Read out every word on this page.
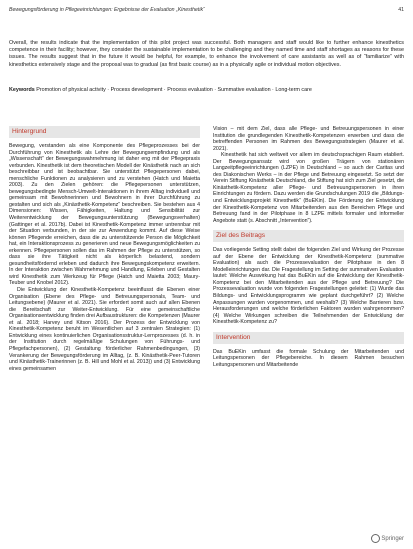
Bewegungsförderung in Pflegeeinrichtungen: Ergebnisse der Evaluation „Kinesthetik“	41
Overall, the results indicate that the implementation of this pilot project was successful. Both managers and staff would like to further enhance kinesthetics competence in their facility; however, they consider the sustainable implementation to be challenging and they named time and staff shortages as reasons for these issues. The results suggest that in the future it would be helpful, for example, to enhance the involvement of care assistants as well as of “familiarize” with kinesthetics extensively stage and the proposal was to gradual (as first basic course) as in a physically agile or individual motion objectives.
Keywords Promotion of physical activity · Process development · Process evaluation · Summative evaluation · Long-term care
Hintergrund

Bewegung, verstanden als eine Komponente des Pflegeprozesses bei der Durchführung von Kinesthetik als Lehre der Bewegungsempfindung und als „Wissenschaft“ der Bewegungswahrnehmung ist daher eng mit der Pflegepraxis verbunden. Kinesthetik ist dem theoretischen Modell der Kinästhetik nach an sich beschreibbar und ist beobachtbar. Sie unterstützt Pflegepersonen dabei, menschliche Funktionen zu analysieren und zu verstehen (Hatch und Maietta 2003). Zu den Zielen gehören: die Pflegepersonen unterstützen, bewegungsbedingte Mensch-Umwelt-Interaktionen in ihrem Alltag individuell und gemeinsam mit Bewohnerinnen und Bewohnern in ihrer Durchführung zu gestalten und sich als „Kinästhetik-Kompetenz“ beschreiben. Sie bestehen aus 4 Dimensionen: Wissen, Fähigkeiten, Haltung und Sensibilität zur Weiterentwicklung der Bewegungsunterstützung (Bewegungsverhalten) (Gattinger et al. 2017b). Dabei ist Kinesthetik-Kompetenz immer untrennbar mit der Situation verbunden, in der sie zur Anwendung kommt. Auf diese Weise können Pflegende erreichen, dass die zu unterstützende Person die Möglichkeit hat, ein Interaktionsprozess zu generieren und neue Bewegungsmöglichkeiten zu erkennen. Pflegepersonen sollen das im Rahmen der Pflege zu unterstützen, so dass sie ihre Tätigkeit nicht als körperlich belastend, sondern gesundheitsfördernd erleben und dadurch ihre Bewegungskompetenz erweitern. In der Interaktion zwischen Wahrnehmung und Handlung, Erleben und Gestalten wird Kinesthetik zum Werkzeug für Pflege (Hatch und Maietta 2003; Maury-Teuber und Knobel 2012).

Die Entwicklung der Kinesthetik-Kompetenz beeinflusst die Ebenen einer Organisation (Ebene des Pflege- und Betreuungspersonals, Team- und Leitungsebene) (Maurer et al. 2021). Sie erfordert somit auch auf allen Ebenen die Bereitschaft zur Weiter-Entwicklung. Für eine gemeinschaftliche Organisationsentwicklung finden drei Aufbaustrukturen: die Kompetenzen (Maurer et al. 2018; Harvey und Kitson 2016). Der Prozess der Entwicklung von Kinesthetik-Kompetenz beruht im Wesentlichen auf 3 zentralen Strategien: (1) Entwicklung eines kontinuierlichen Organisationsstruktur-Lernprozesses (d. h. in der Institution durch regelmäßige Schulungen von Führungs- und Pflegefachpersonen), (2) Gestaltung förderlicher Rahmenbedingungen, (3) Verankerung der Bewegungsförderung im Alltag, (z. B. Kinästhetik-Peer-Tutoren und Kinästhetik-Trainerinnen (z. B. Hill und Mohl et al. 2013)) und (3) Entwicklung eines gemeinsamen

Vision – mit dem Ziel, dass alle Pflege- und Betreuungspersonen in einer Institution die grundlegenden Kinesthetik-Kompetenzen erwerben und dass die betreffenden Personen im Rahmen des Bewegungsstrategien (Maurer et al. 2021).

Kinesthetik hat sich weltweit vor allem im deutschsprachigen Raum etabliert. Der Bewegungsansatz wird von großen Trägern von stationären Langzeitpflegeeinrichtungen (LZPE) in Deutschland – so auch der Caritas und des Diakonischen Werks – in der Pflege und Betreuung eingesetzt. So setzt der Verein Stiftung Kinästhetik Deutschland, die Stiftung hat sich zum Ziel gesetzt, die Kinästhetik-Kompetenz aller Pflege- und Betreuungspersonen in ihren Einrichtungen zu fördern. Dazu werden die Grundschulungen 2019 die „Bildungs- und Entwicklungsprojekt Kinesthetik“ (BuEKin). Die Förderung der Entwicklung der Kinesthetik-Kompetenz von Mitarbeitenden aus den Bereichen Pflege und Betreuung fand in der Pilotphase in 8 LZPE mittels formaler und informeller Angebote statt (s. Abschnitt „Intervention“).

Ziel des Beitrags

Das vorliegende Setting stellt dabei die folgenden Ziel und Wirkung der Prozesse auf der Ebene der Entwicklung der Kinesthetik-Kompetenz (summative Evaluation) als auch die Prozessevaluation der Pilotphase in den 8 Modelleinrichtungen dar. Die Fragestellung im Setting der summativen Evaluation lautet: Welche Auswirkung hat das BuEKin auf die Entwicklung der Kinesthetik-Kompetenz bei den Mitarbeitenden aus der Pflege und Betreuung? Die Prozessevaluation wurde von folgenden Fragestellungen geleitet: (1) Wurde das Bildungs- und Entwicklungsprogramm wie geplant durchgeführt? (2) Welche Anpassungen wurden vorgenommen, und weshalb? (3) Welche Barrieren bzw. Herausforderungen und welche förderlichen Faktoren wurden wahrgenommen? (4) Welche Wirkungen schreiben die Teilnehmenden der Entwicklung der Kinesthetik-Kompetenz zu?

Intervention

Das BuEKin umfasst die formale Schulung der Mitarbeitenden und Leitungspersonen der Pflegebereiche. In diesem Rahmen besuchen Leitungspersonen und Mitarbeitende

Springer
